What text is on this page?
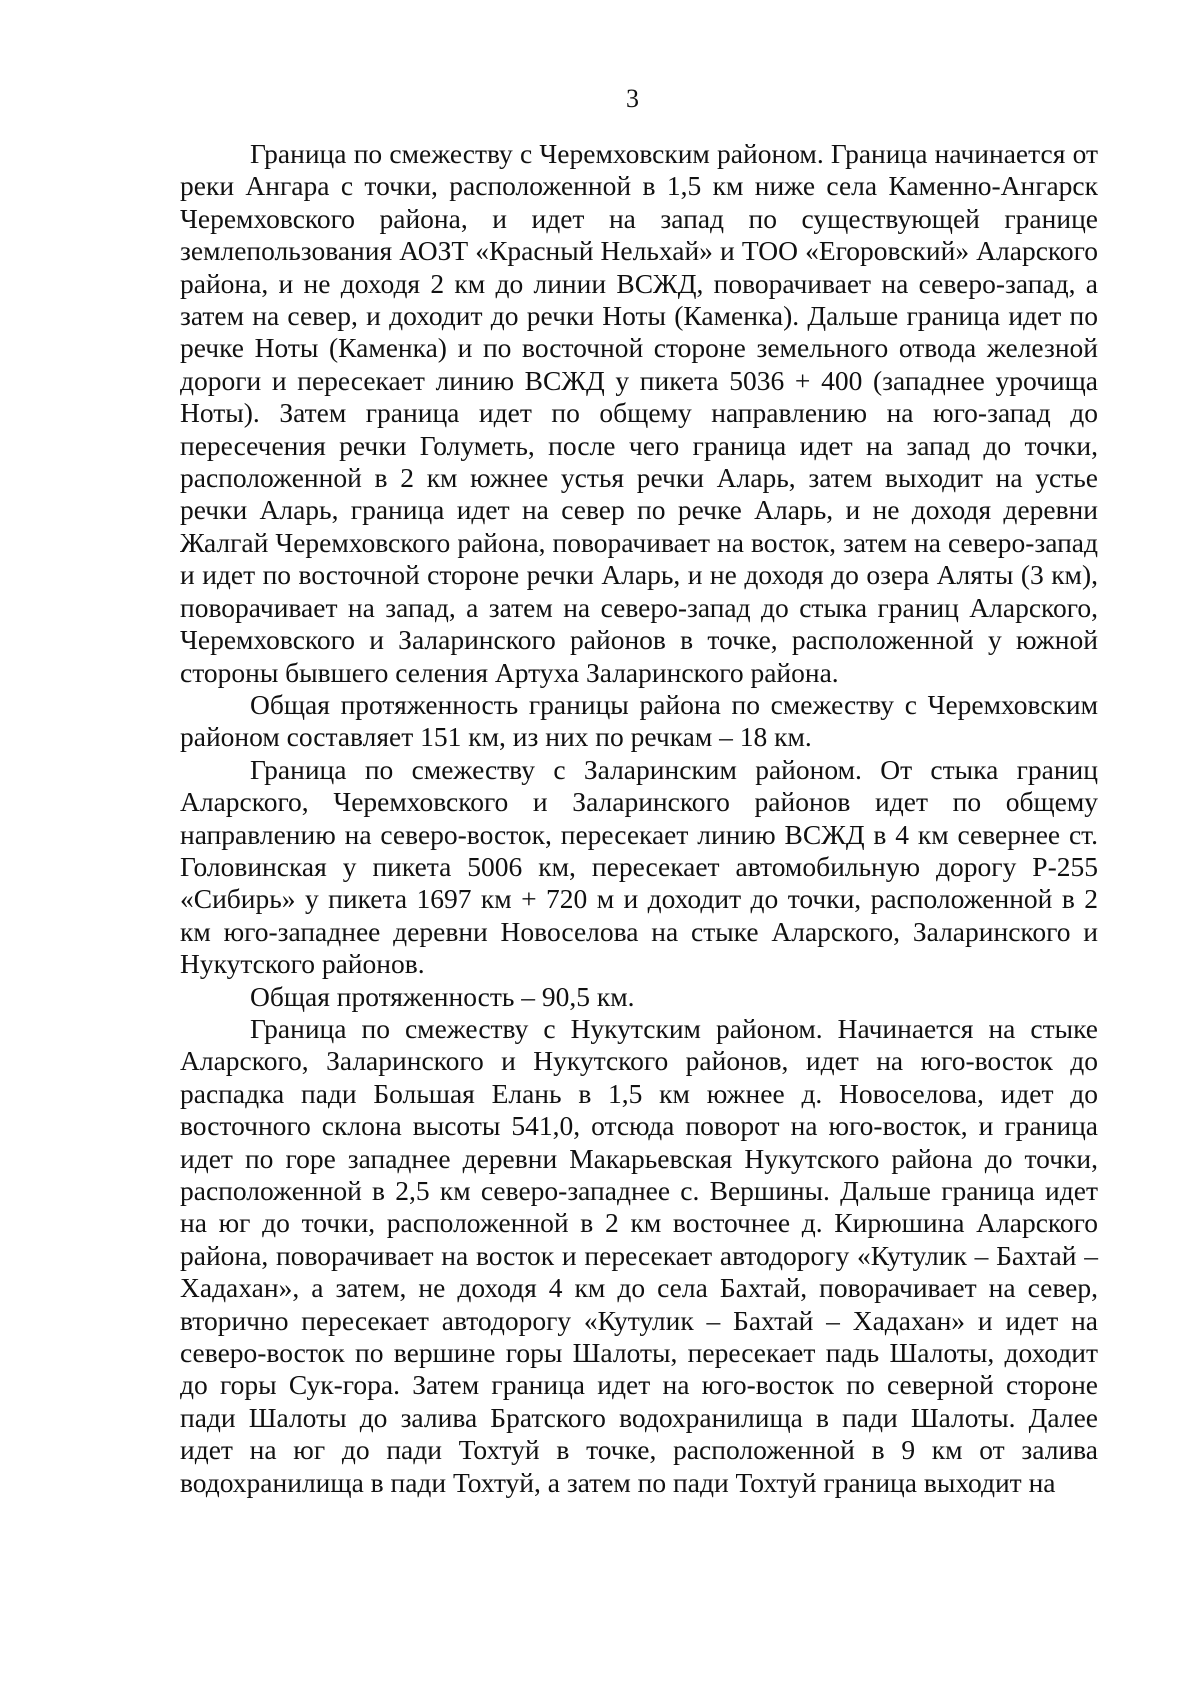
3

Граница по смежеству с Черемховским районом. Граница начинается от реки Ангара с точки, расположенной в 1,5 км ниже села Каменно-Ангарск Черемховского района, и идет на запад по существующей границе землепользования АОЗТ «Красный Нельхай» и ТОО «Егоровский» Аларского района, и не доходя 2 км до линии ВСЖД, поворачивает на северо-запад, а затем на север, и доходит до речки Ноты (Каменка). Дальше граница идет по речке Ноты (Каменка) и по восточной стороне земельного отвода железной дороги и пересекает линию ВСЖД у пикета 5036 + 400 (западнее урочища Ноты). Затем граница идет по общему направлению на юго-запад до пересечения речки Голуметь, после чего граница идет на запад до точки, расположенной в 2 км южнее устья речки Аларь, затем выходит на устье речки Аларь, граница идет на север по речке Аларь, и не доходя деревни Жалгай Черемховского района, поворачивает на восток, затем на северо-запад и идет по восточной стороне речки Аларь, и не доходя до озера Аляты (3 км), поворачивает на запад, а затем на северо-запад до стыка границ Аларского, Черемховского и Заларинского районов в точке, расположенной у южной стороны бывшего селения Артуха Заларинского района.

Общая протяженность границы района по смежеству с Черемховским районом составляет 151 км, из них по речкам – 18 км.

Граница по смежеству с Заларинским районом. От стыка границ Аларского, Черемховского и Заларинского районов идет по общему направлению на северо-восток, пересекает линию ВСЖД в 4 км севернее ст. Головинская у пикета 5006 км, пересекает автомобильную дорогу Р-255 «Сибирь» у пикета 1697 км + 720 м и доходит до точки, расположенной в 2 км юго-западнее деревни Новоселова на стыке Аларского, Заларинского и Нукутского районов.

Общая протяженность – 90,5 км.

Граница по смежеству с Нукутским районом. Начинается на стыке Аларского, Заларинского и Нукутского районов, идет на юго-восток до распадка пади Большая Елань в 1,5 км южнее д. Новоселова, идет до восточного склона высоты 541,0, отсюда поворот на юго-восток, и граница идет по горе западнее деревни Макарьевская Нукутского района до точки, расположенной в 2,5 км северо-западнее с. Вершины. Дальше граница идет на юг до точки, расположенной в 2 км восточнее д. Кирюшина Аларского района, поворачивает на восток и пересекает автодорогу «Кутулик – Бахтай – Хадахан», а затем, не доходя 4 км до села Бахтай, поворачивает на север, вторично пересекает автодорогу «Кутулик – Бахтай – Хадахан» и идет на северо-восток по вершине горы Шалоты, пересекает падь Шалоты, доходит до горы Сук-гора. Затем граница идет на юго-восток по северной стороне пади Шалоты до залива Братского водохранилища в пади Шалоты. Далее идет на юг до пади Тохтуй в точке, расположенной в 9 км от залива водохранилища в пади Тохтуй, а затем по пади Тохтуй граница выходит на
